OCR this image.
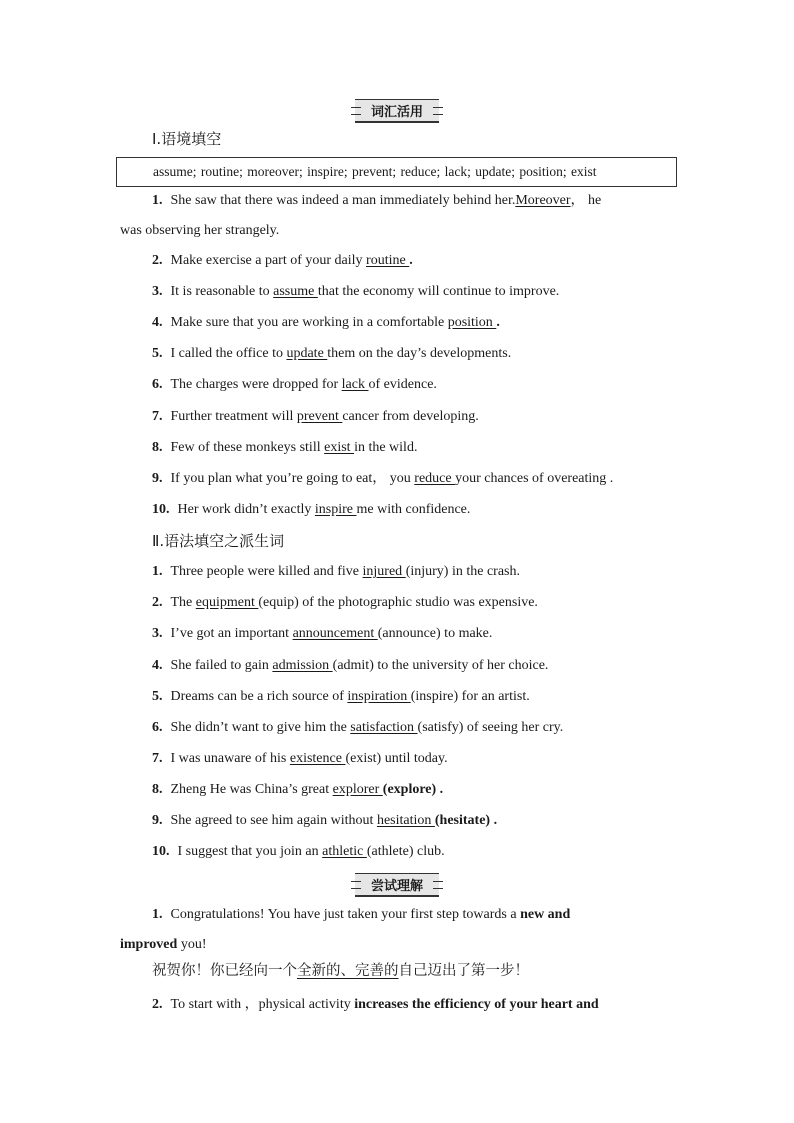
词汇活用
Ⅰ.语境填空
assume; routine; moreover; inspire; prevent; reduce; lack; update; position; exist
1. She saw that there was indeed a man immediately behind her.Moreover， he
was observing her strangely.
2. Make exercise a part of your daily routine .
3. It is reasonable to assume that the economy will continue to improve.
4. Make sure that you are working in a comfortable position .
5. I called the office to update them on the day’s developments.
6. The charges were dropped for lack of evidence.
7. Further treatment will prevent cancer from developing.
8. Few of these monkeys still exist in the wild.
9. If you plan what you’re going to eat， you reduce your chances of overeating .
10. Her work didn’t exactly inspire me with confidence.
Ⅱ.语法填空之派生词
1. Three people were killed and five injured (injury) in the crash.
2. The equipment (equip) of the photographic studio was expensive.
3. I’ve got an important announcement (announce) to make.
4. She failed to gain admission (admit) to the university of her choice.
5. Dreams can be a rich source of inspiration (inspire) for an artist.
6. She didn’t want to give him the satisfaction (satisfy) of seeing her cry.
7. I was unaware of his existence (exist) until today.
8. Zheng He was China’s great explorer (explore) .
9. She agreed to see him again without hesitation (hesitate) .
10. I suggest that you join an athletic (athlete) club.
尝试理解
1. Congratulations! You have just taken your first step towards a new and
improved you!
祝贺你！你已经向一个全新的、完善的自己迈出了第一步！
2. To start with ，physical activity increases the efficiency of your heart and
